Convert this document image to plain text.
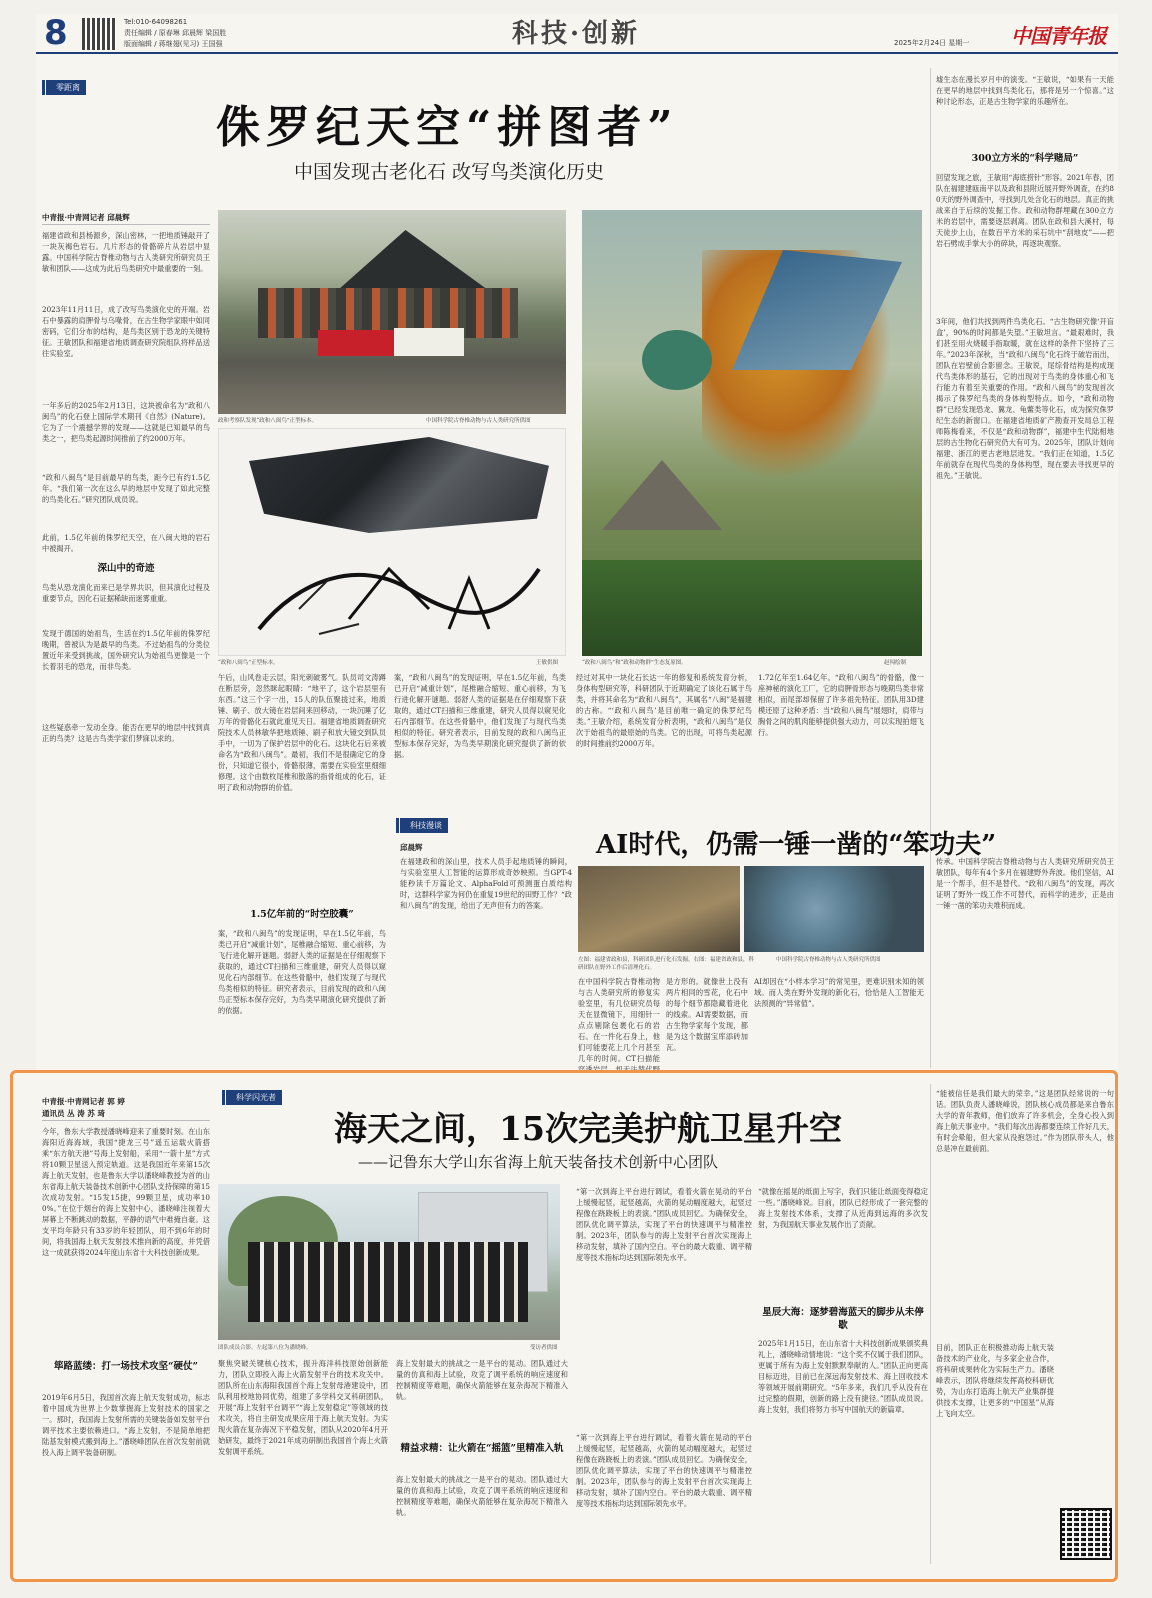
8	Tel:010-64098261
责任编辑 / 原春琳 邱晨辉 梁国胜
版面编辑 / 蒋继翅(见习) 王国强	科技·创新	2025年2月24日 星期一 中国青年报
零距离
侏罗纪天空“拼图者”
中国发现古老化石 改写鸟类演化历史
中青报·中青网记者 邱晨辉
福建省政和县杨源乡，深山密林，一把地质锤敲开了一块灰褐色岩石。几片形态的骨骼碎片从岩层中显露。中国科学院古脊椎动物与古人类研究所研究员王敏和团队——这成为此后鸟类研究中最重要的一刻。
2023年11月11日，成了改写鸟类演化史的开端。岩石中暴露的肩胛骨与乌喙骨，在古生物学家眼中如同密码，它们分布的结构，是鸟类区别于恐龙的关键特征。王敏团队和福建省地质调查研究院组队将样品送往实验室。
一年多后的2025年2月13日，这块被命名为“政和八闽鸟”的化石登上国际学术期刊《自然》(Nature)。它为了一个震撼学界的发现——这就是已知最早的鸟类之一，把鸟类起源时间推前了约2000万年。
“政和八闽鸟”是目前最早的鸟类，距今已有约1.5亿年。“我们第一次在这么早的地层中发现了如此完整的鸟类化石。”研究团队成员说。
此前，1.5亿年前的侏罗纪天空，在八闽大地的岩石中被揭开。
深山中的奇迹
鸟类从恐龙演化而来已是学界共识，但其演化过程及重要节点，因化石证据稀缺而迷雾重重。
发现于德国的始祖鸟，生活在约1.5亿年前的侏罗纪晚期，曾被认为是最早的鸟类。不过始祖鸟的分类位置近年来受到挑战，国外研究认为始祖鸟更像是一个长着羽毛的恐龙，而非鸟类。
这些疑惑牵一发动全身。能否在更早的地层中找到真正的鸟类？这是古鸟类学家们梦寐以求的。
政和考察队发现“政和八闽鸟”正型标本。	中国科学院古脊椎动物与古人类研究所供图
“政和八闽鸟”正型标本。	王敏供图	“政和八闽鸟”和“政和动物群”生态复原图。	赵闯绘制
午后，山风卷走云层，阳光刺破雾气。队员司文涛蹲在断层旁，忽然眯起眼睛：“地平了，这个岩层里有东西。”这三个字一出，15人的队伍聚拢过来，地质锤、刷子、放大镜在岩层间来回移动，一块沉睡了亿万年的骨骼化石就此重见天日。福建省地质调查研究院技术人员林敏华把地质锤、刷子和放大镜交到队员手中，一切为了保护岩层中的化石。这块化石后来被命名为“政和八闽鸟”。最初，我们不是很确定它的身份，只知道它很小，骨骼很薄，需要在实验室里细细修理。这个由数枚尾椎和散落的指骨组成的化石，证明了政和动物群的价值。
1.5亿年前的“时空胶囊”
案，“政和八闽鸟”的发现证明，早在1.5亿年前，鸟类已开启“减重计划”，尾椎融合缩短、重心前移，为飞行进化解开谜题。弱舒人类的证据是在仔细观察下获取的，通过CT扫描和三维重建，研究人员得以窥见化石内部细节。在这些骨骼中，他们发现了与现代鸟类相似的特征。研究者表示，目前发现的政和八闽鸟正型标本保存完好，为鸟类早期演化研究提供了新的依据。
案，“政和八闽鸟”的发现证明，早在1.5亿年前，鸟类已开启“减重计划”，尾椎融合缩短、重心前移，为飞行进化解开谜题。弱舒人类的证据是在仔细观察下获取的，通过CT扫描和三维重建，研究人员得以窥见化石内部细节。在这些骨骼中，他们发现了与现代鸟类相似的特征。研究者表示，目前发现的政和八闽鸟正型标本保存完好，为鸟类早期演化研究提供了新的依据。
经过对其中一块化石长达一年的修复和系统发育分析，身体构型研究等，科研团队于近期确定了该化石属于鸟类，并将其命名为“政和八闽鸟”，其属名“八闽”是福建的古称。“‘政和八闽鸟’是目前唯一确定的侏罗纪鸟类。”王敏介绍，系统发育分析表明，“政和八闽鸟”是仅次于始祖鸟的最原始的鸟类。它的出现，可将鸟类起源的时间推前约2000万年。
1.72亿年至1.64亿年。“政和八闽鸟”的骨骼，像一座神秘的演化工厂，它的肩胛骨形态与晚期鸟类非常相似，而尾部却保留了许多祖先特征。团队用3D建模还原了这种矛盾：当“政和八闽鸟”展翅时，肩带与胸骨之间的肌肉能够提供强大动力，可以实现拍翅飞行。
墟生态在漫长岁月中的演变。“王敏说，“如果有一天能在更早的地层中找到鸟类化石，那将是另一个惊喜。”这种讨论形态，正是古生物学家的乐趣所在。
300立方米的“科学赌局”
回望发现之旅，王敏用“海底捞针”形容。2021年春，团队在福建建瓯南平以及政和县附近展开野外调查，在约80天的野外调查中，寻找到几处含化石的地层。真正的挑战来自于后续的发掘工作。政和动物群埋藏在300立方米的岩层中，需要逐层剥离。团队在政和县大溪村，每天徒步上山，在数百平方米的采石坑中“刮地皮”——把岩石劈成手掌大小的碎块，再逐块观察。
3年间，他们共找到两件鸟类化石。“古生物研究像‘开盲盒’，90%的时间都是失望。”王敏坦言。“最艰难时，我们甚至用火烧暖手指取暖，就在这样的条件下坚持了三年。”2023年深秋，当“政和八闽鸟”化石终于破岩而出，团队在岩壁前合影留念。王敏说，尾综骨结构是构成现代鸟类体形的基石，它的出现对于鸟类的身体重心和飞行能力有着至关重要的作用。“政和八闽鸟”的发现首次揭示了侏罗纪鸟类的身体构型特点。如今，“政和动物群”已经发现恐龙、翼龙、龟鳖类等化石，成为探究侏罗纪生态的新窗口。在福建省地质矿产勘查开发局总工程师陈梅看来，不仅是“政和动物群”，福建中生代陆相地层的古生物化石研究仍大有可为。2025年，团队计划向福建、浙江的更古老地层进发。“我们正在知道，1.5亿年前就存在现代鸟类的身体构型，现在要去寻找更早的祖先。”王敏说。
科技漫谈
邱晨辉	AI时代，仍需一锤一凿的“笨功夫”
在福建政和的深山里，技术人员手起地质锤的瞬间，与实验室里人工智能的运算形成奇妙映照。当GPT-4能秒读千万篇论文、AlphaFold可预测蛋白质结构时，这群科学家为何仍在重复19世纪的田野工作？“政和八闽鸟”的发现，给出了无声但有力的答案。
左图：福建省政和县，科研团队进行化石发掘。右图：福建省政和县，科研团队在野外工作后清理化石。
中国科学院古脊椎动物与古人类研究所供图
在中国科学院古脊椎动物与古人类研究所的修复实验室里，有几位研究员每天在显微镜下，用细针一点点剔除包裹化石的岩石。在一件化石身上，他们可能要花上几个月甚至几年的时间。CT扫描能
是方形的。就像世上没有两片相同的雪花，化石中的每个细节都隐藏着进化的线索。AI需要数据，而古生物学家每个发现，都是为这个数据宝库添砖加瓦。
AI却因在“小样本学习”的常见里，更难识别未知的领域。而人类在野外发现的新化石，恰恰是人工智能无法预测的“异常值”。
传承。中国科学院古脊椎动物与古人类研究所研究员王敏团队，每年有4个多月在福建野外奔波。他们坚信，AI是一个帮手，但不是替代。“政和八闽鸟”的发现，再次证明了野外一线工作不可替代，而科学的进步，正是由一锤一凿的笨功夫堆积而成。
中青报·中青网记者 郭 婷
通讯员 丛 涛 苏 琦
科学闪光者
海天之间，15次完美护航卫星升空
——记鲁东大学山东省海上航天装备技术创新中心团队
今年，鲁东大学教授潘晓峰迎来了重要时刻。在山东海阳近海海域，我国“捷龙三号”遥五运载火箭搭乘“东方航天港”号海上发射船，采用“一箭十星”方式将10颗卫星送入预定轨道。这是我国近年来第15次海上航天发射，也是鲁东大学以潘晓峰教授为首的山东省海上航天装备技术创新中心团队支持保障的第15次成功发射。“15发15捷，99颗卫星，成功率100%。”在位于烟台的海上发射中心，潘晓峰注视着大屏幕上不断跳动的数据，平静的语气中难掩自豪。这支平均年龄只有33岁的年轻团队，用不到6年的时间，将我国海上航天发射技术推向新的高度，并凭借这一成就获得2024年度山东省十大科技创新成果。
筚路蓝缕：打一场技术攻坚“硬仗”
2019年6月5日，我国首次海上航天发射成功，标志着中国成为世界上少数掌握海上发射技术的国家之一。那时，我国海上发射所需的关键装备如发射平台调平技术主要依赖进口。“海上发射，不是简单地把陆基发射模式搬到海上。”潘晓峰团队在首次发射前就投入海上调平装备研制。
团队成员合影。左起第八位为潘晓峰。	受访者供图
聚焦突破关键核心技术，振升海洋科技原始创新能力，团队立即投入海上火箭发射平台的技术攻关中。团队所在山东海阳我国首个海上发射母港建设中，团队利用校地协同优势，组建了多学科交叉科研团队，开展“海上发射平台调平”“海上发射稳定”等领域的技术攻关，将自主研发成果应用于海上航天发射。为实现火箭在复杂海况下平稳发射，团队从2020年4月开始研发，最终于2021年成功研制出我国首个海上火箭发射调平系统。
“第一次到海上平台进行调试，看着火箭在晃动的平台上缓慢起竖，起竖越高，火箭的晃动幅度越大，起竖过程像在跷跷板上的表演。”团队成员回忆。为确保安全，团队优化调平算法，实现了平台的快速调平与精准控制。2023年，团队参与的海上发射平台首次实现海上移动发射，填补了国内空白。平台的最大载重、调平精度等技术指标均达到国际领先水平。
海上发射最大的挑战之一是平台的晃动。团队通过大量的仿真和海上试验，攻克了调平系统的响应速度和控制精度等难题，确保火箭能够在复杂海况下精准入轨。
精益求精：让火箭在“摇篮”里精准入轨
海上发射最大的挑战之一是平台的晃动。团队通过大量的仿真和海上试验，攻克了调平系统的响应速度和控制精度等难题，确保火箭能够在复杂海况下精准入轨。
“第一次到海上平台进行调试，看着火箭在晃动的平台上缓慢起竖，起竖越高，火箭的晃动幅度越大，起竖过程像在跷跷板上的表演。”团队成员回忆。为确保安全，团队优化调平算法，实现了平台的快速调平与精准控制。2023年，团队参与的海上发射平台首次实现海上移动发射，填补了国内空白。平台的最大载重、调平精度等技术指标均达到国际领先水平。
“就像在摇晃的纸面上写字，我们只能让纸面变得稳定一些。”潘晓峰说。目前，团队已经形成了一套完整的海上发射技术体系，支撑了从近海到远海的多次发射，为我国航天事业发展作出了贡献。
星辰大海：逐梦碧海蓝天的脚步从未停歇
2025年1月15日，在山东省十大科技创新成果颁奖典礼上，潘晓峰动情地说：“这个奖不仅属于我们团队，更属于所有为海上发射默默奉献的人。”团队正向更高目标迈进，目前已在深远海发射技术、海上回收技术等领域开展前期研究。“5年多来，我们几乎从没有在过完整的假期，创新的路上没有捷径。”团队成员说。海上发射，我们将努力书写中国航天的新篇章。
“能被信任是我们最大的荣幸。”这是团队经常说的一句话。团队负责人潘晓峰说，团队核心成员都是来自鲁东大学的青年教师，他们放弃了许多机会，全身心投入到海上航天事业中。“我们每次出海都要连续工作好几天，有时会晕船，但大家从没抱怨过。”作为团队带头人，他总是冲在最前面。
目前，团队正在积极推动海上航天装备技术的产业化，与多家企业合作，将科研成果转化为实际生产力。潘晓峰表示，团队将继续发挥高校科研优势，为山东打造海上航天产业集群提供技术支撑，让更多的“中国星”从海上飞向太空。
